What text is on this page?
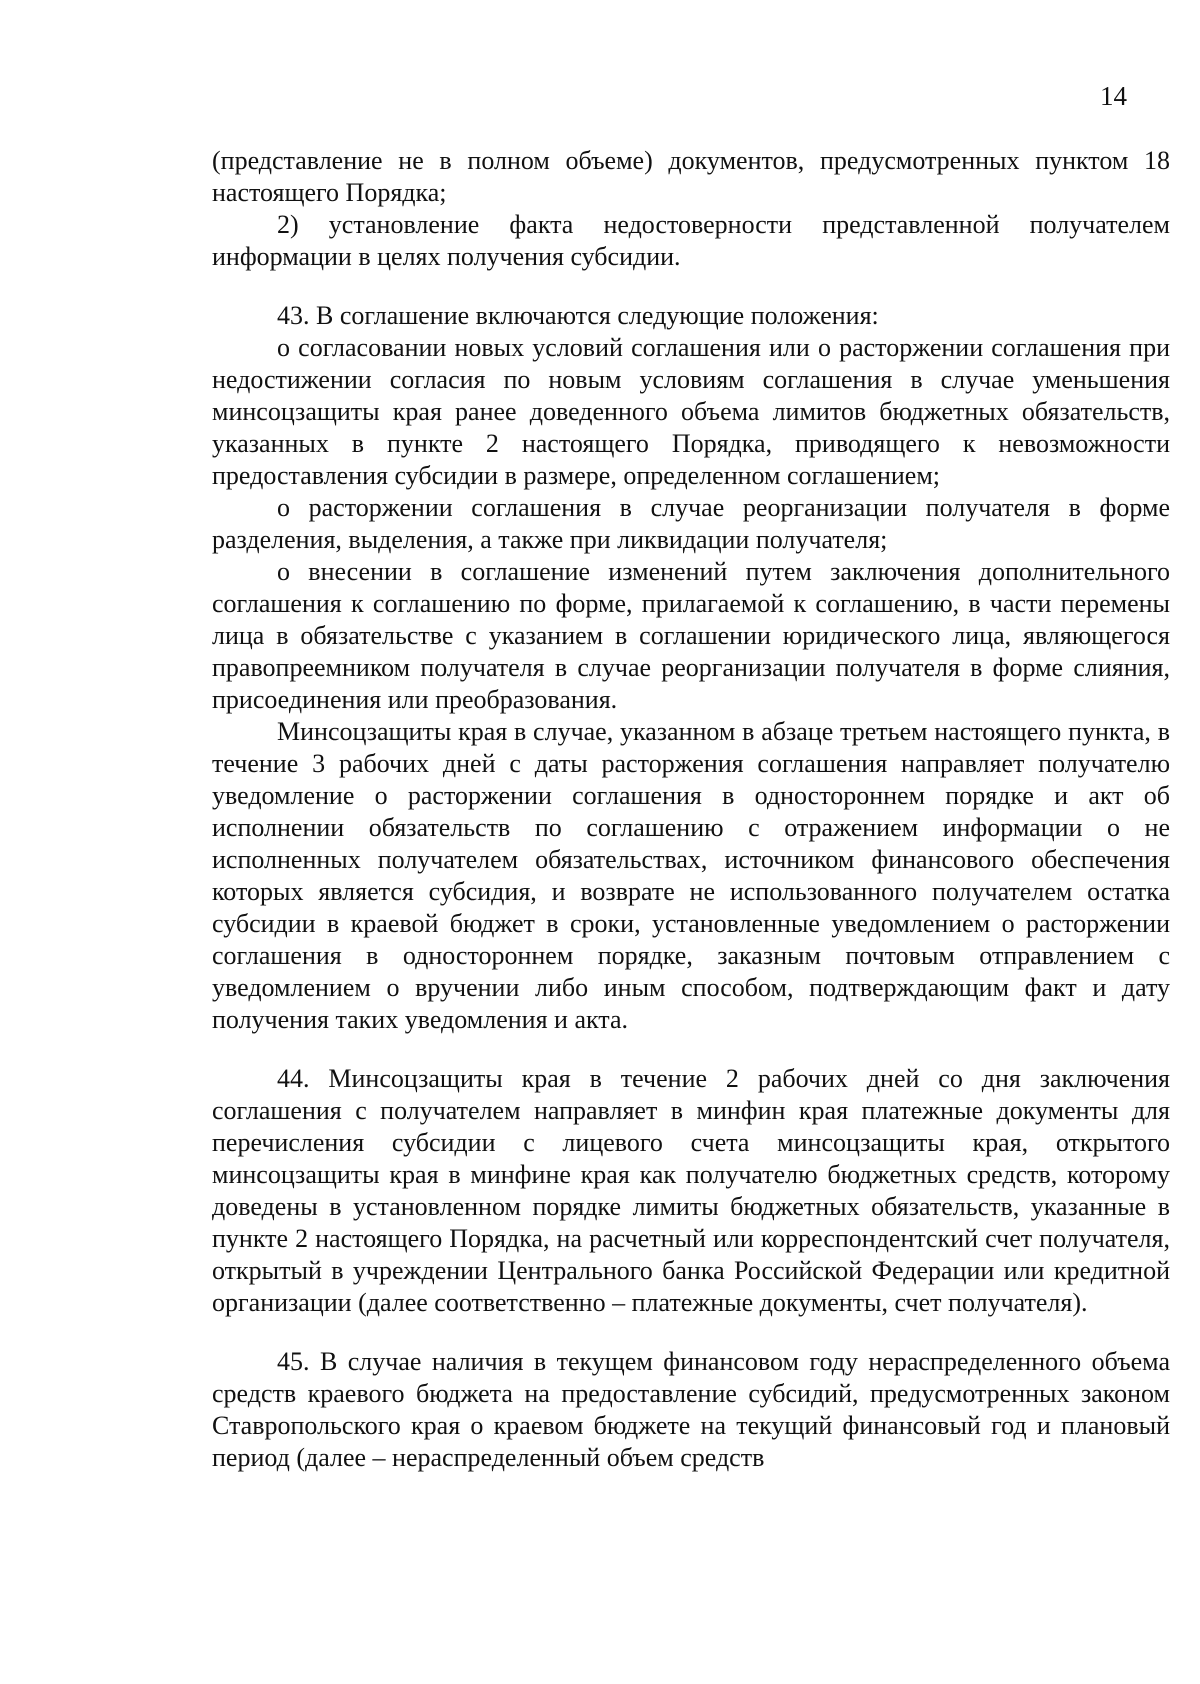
14

(представление не в полном объеме) документов, предусмотренных пунктом 18 настоящего Порядка;

2) установление факта недостоверности представленной получателем информации в целях получения субсидии.

43. В соглашение включаются следующие положения:

о согласовании новых условий соглашения или о расторжении соглашения при недостижении согласия по новым условиям соглашения в случае уменьшения минсоцзащиты края ранее доведенного объема лимитов бюджетных обязательств, указанных в пункте 2 настоящего Порядка, приводящего к невозможности предоставления субсидии в размере, определенном соглашением;

о расторжении соглашения в случае реорганизации получателя в форме разделения, выделения, а также при ликвидации получателя;

о внесении в соглашение изменений путем заключения дополнительного соглашения к соглашению по форме, прилагаемой к соглашению, в части перемены лица в обязательстве с указанием в соглашении юридического лица, являющегося правопреемником получателя в случае реорганизации получателя в форме слияния, присоединения или преобразования.

Минсоцзащиты края в случае, указанном в абзаце третьем настоящего пункта, в течение 3 рабочих дней с даты расторжения соглашения направляет получателю уведомление о расторжении соглашения в одностороннем порядке и акт об исполнении обязательств по соглашению с отражением информации о не исполненных получателем обязательствах, источником финансового обеспечения которых является субсидия, и возврате не использованного получателем остатка субсидии в краевой бюджет в сроки, установленные уведомлением о расторжении соглашения в одностороннем порядке, заказным почтовым отправлением с уведомлением о вручении либо иным способом, подтверждающим факт и дату получения таких уведомления и акта.

44. Минсоцзащиты края в течение 2 рабочих дней со дня заключения соглашения с получателем направляет в минфин края платежные документы для перечисления субсидии с лицевого счета минсоцзащиты края, открытого минсоцзащиты края в минфине края как получателю бюджетных средств, которому доведены в установленном порядке лимиты бюджетных обязательств, указанные в пункте 2 настоящего Порядка, на расчетный или корреспондентский счет получателя, открытый в учреждении Центрального банка Российской Федерации или кредитной организации (далее соответственно – платежные документы, счет получателя).

45. В случае наличия в текущем финансовом году нераспределенного объема средств краевого бюджета на предоставление субсидий, предусмотренных законом Ставропольского края о краевом бюджете на текущий финансовый год и плановый период (далее – нераспределенный объем средств
